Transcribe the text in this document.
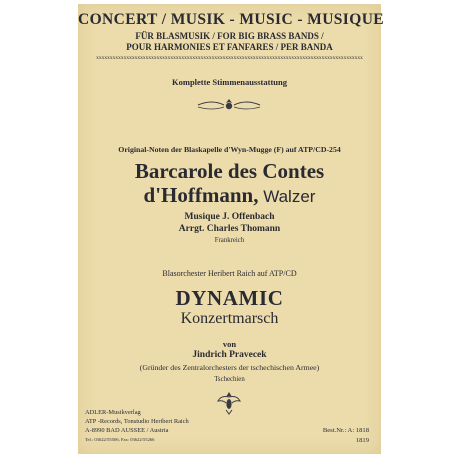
CONCERT / MUSIK - MUSIC - MUSIQUE
FÜR BLASMUSIK / FOR BIG BRASS BANDS /
POUR HARMONIES ET FANFARES / PER BANDA
xxxxxxxxxxxxxxxxxxxxxxxxxxxxxxxxxxxxxxxxxxxxxxxxxxxxxxxxxxxxxxxxxxxxxxxxxxxxxxxxxxxxxxxxxxxxxxxxx
Komplette Stimmenausstattung
Original-Noten der Blaskapelle d'Wyn-Mugge (F) auf ATP/CD-254
Barcarole des Contes
d'Hoffmann, Walzer
Musique J. Offenbach
Arrgt. Charles Thomann
Frankreich
Blasorchester Heribert Raich auf ATP/CD
DYNAMIC
Konzertmarsch
von
Jindrich Pravecek
(Gründer des Zentralorchesters der tschechischen Armee)
Tschechien
ADLER-Musikverlag
ATP -Records, Tonstudio Heribert Raich
A-8990 BAD AUSSEE / Austria
Tel.: 03622/55506, Fax: 03622/55266
Best.Nr.: A: 1818
1819
